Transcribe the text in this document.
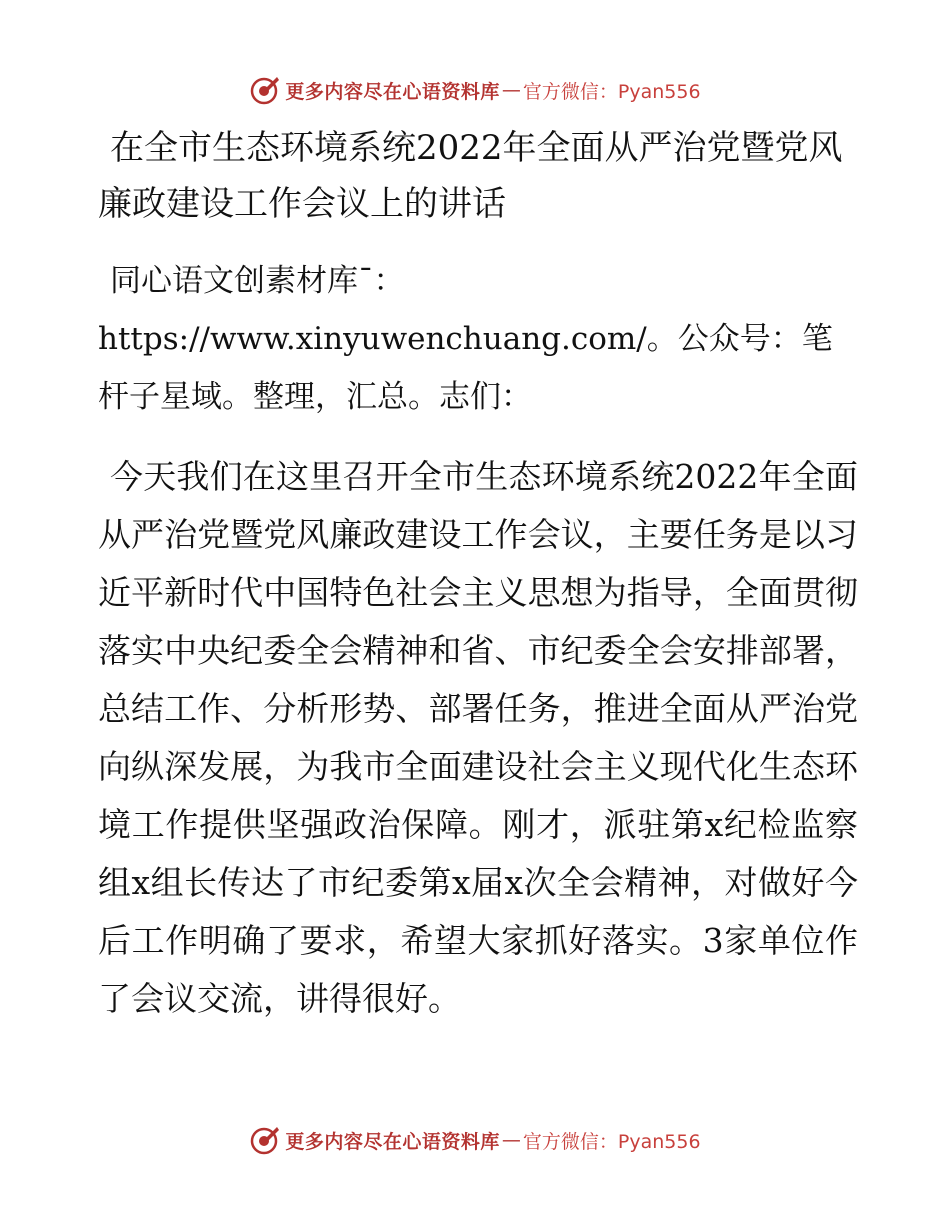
更多内容尽在心语资料库 — 官方微信：Pyan556
在全市生态环境系统2022年全面从严治党暨党风廉政建设工作会议上的讲话

同心语文创素材库¯：https://www.xinyuwenchuang.com/。公众号：笔杆子星域。整理，汇总。志们：

今天我们在这里召开全市生态环境系统2022年全面从严治党暨党风廉政建设工作会议，主要任务是以习近平新时代中国特色社会主义思想为指导，全面贯彻落实中央纪委全会精神和省、市纪委全会安排部署，总结工作、分析形势、部署任务，推进全面从严治党向纵深发展，为我市全面建设社会主义现代化生态环境工作提供坚强政治保障。刚才，派驻第x纪检监察组x组长传达了市纪委第x届x次全会精神，对做好今后工作明确了要求，希望大家抓好落实。3家单位作了会议交流，讲得很好。

更多内容尽在心语资料库 — 官方微信：Pyan556
